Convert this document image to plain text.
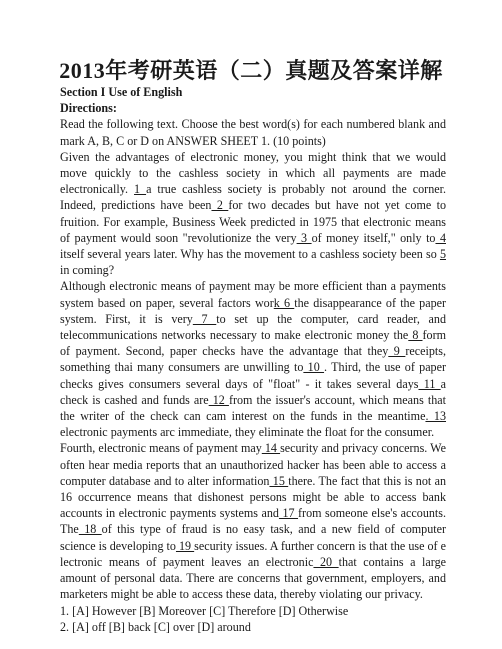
2013年考研英语（二）真题及答案详解
Section I Use of English
Directions:
Read the following text. Choose the best word(s) for each numbered blank and mark A, B, C or D on ANSWER SHEET 1. (10 points)
Given the advantages of electronic money, you might think that we would move quickly to the cashless society in which all payments are made electronically. 1 a true cashless society is probably not around the corner. Indeed, predictions have been 2 for two decades but have not yet come to fruition. For example, Business Week predicted in 1975 that electronic means of payment would soon "revolutionize the very 3 of money itself," only to 4 itself several years later. Why has the movement to a cashless society been so 5 in coming?
Although electronic means of payment may be more efficient than a payments system based on paper, several factors work 6 the disappearance of the paper system. First, it is very 7 to set up the computer, card reader, and telecommunications networks necessary to make electronic money the 8 form of payment. Second, paper checks have the advantage that they 9 receipts, something thai many consumers are unwilling to 10 . Third, the use of paper checks gives consumers several days of "float" - it takes several days 11 a check is cashed and funds are 12 from the issuer's account, which means that the writer of the check can cam interest on the funds in the meantime. 13 electronic payments arc immediate, they eliminate the float for the consumer.
Fourth, electronic means of payment may 14 security and privacy concerns. We often hear media reports that an unauthorized hacker has been able to access a computer database and to alter information 15 there. The fact that this is not an 16 occurrence means that dishonest persons might be able to access bank accounts in electronic payments systems and 17 from someone else's accounts. The 18 of this type of fraud is no easy task, and a new field of computer science is developing to 19 security issues. A further concern is that the use of e lectronic means of payment leaves an electronic 20 that contains a large amount of personal data. There are concerns that government, employers, and marketers might be able to access these data, thereby violating our privacy.
1. [A] However [B] Moreover [C] Therefore [D] Otherwise
2. [A] off [B] back [C] over [D] around
